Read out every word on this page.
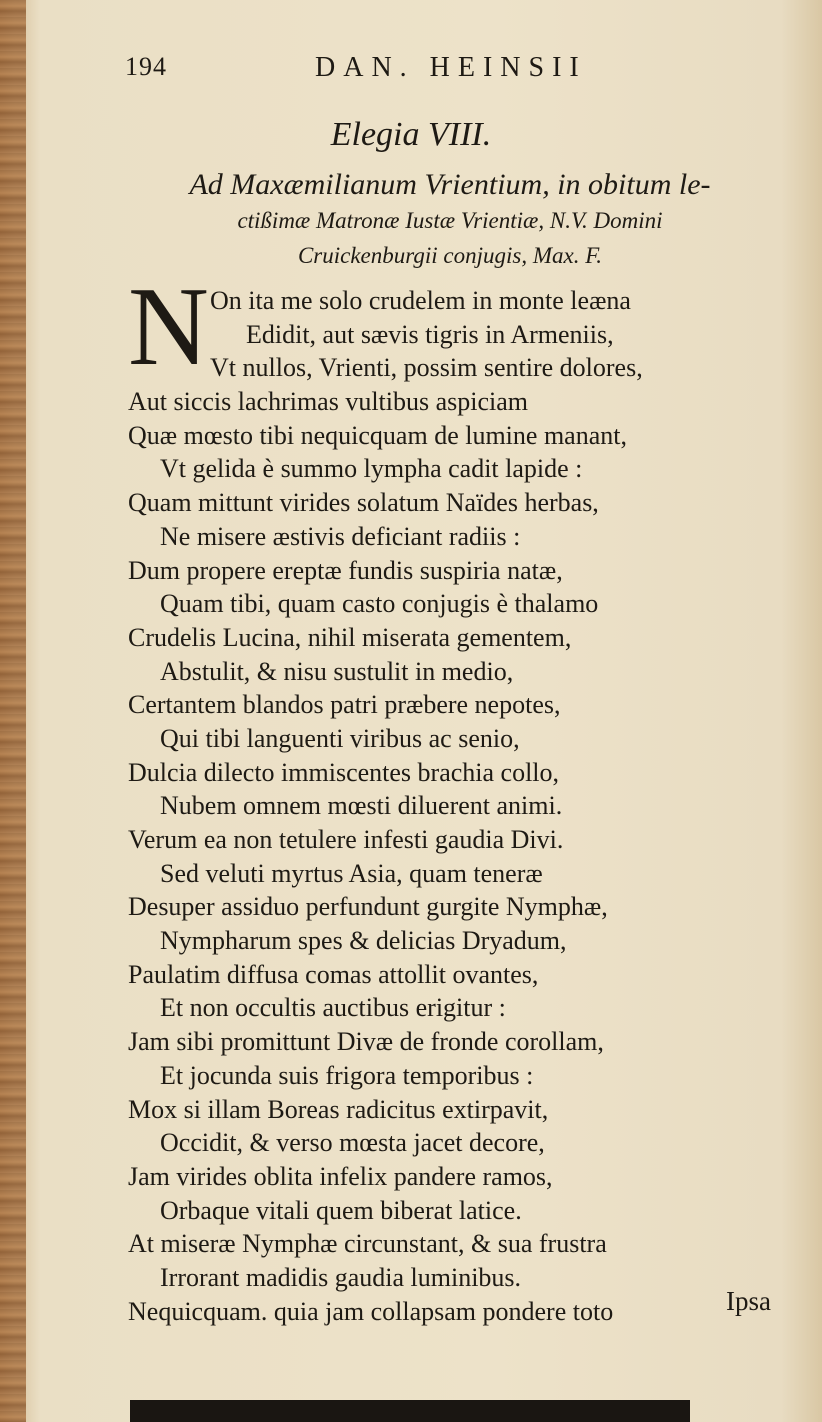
194	DAN. HEINSII
Elegia VIII.
Ad Maxæmilianum Vrientium, in obitum le-
ctißimæ Matronæ Iustæ Vrientiæ, N.V. Domini
Cruickenburgii conjugis, Max. F.
N On ita me solo crudelem in monte leæna
Edidit, aut sævis tigris in Armeniis,
Vt nullos, Vrienti, possim sentire dolores,
Aut siccis lachrimas vultibus aspiciam
Quæ mœsto tibi nequicquam de lumine manant,
Vt gelida è summo lympha cadit lapide :
Quam mittunt virides solatum Naïdes herbas,
Ne misere æstivis deficiant radiis :
Dum propere ereptæ fundis suspiria natæ,
Quam tibi, quam casto conjugis è thalamo
Crudelis Lucina, nihil miserata gementem,
Abstulit, & nisu sustulit in medio,
Certantem blandos patri præbere nepotes,
Qui tibi languenti viribus ac senio,
Dulcia dilecto immiscentes brachia collo,
Nubem omnem mœsti diluerent animi.
Verum ea non tetulere infesti gaudia Divi.
Sed veluti myrtus Asia, quam teneræ
Desuper assiduo perfundunt gurgite Nymphæ,
Nympharum spes & delicias Dryadum,
Paulatim diffusa comas attollit ovantes,
Et non occultis auctibus erigitur :
Jam sibi promittunt Divæ de fronde corollam,
Et jocunda suis frigora temporibus :
Mox si illam Boreas radicitus extirpavit,
Occidit, & verso mœsta jacet decore,
Jam virides oblita infelix pandere ramos,
Orbaque vitali quem biberat latice.
At miseræ Nymphæ circunstant, & sua frustra
Irrorant madidis gaudia luminibus.
Nequicquam. quia jam collapsam pondere toto	Ipsa
